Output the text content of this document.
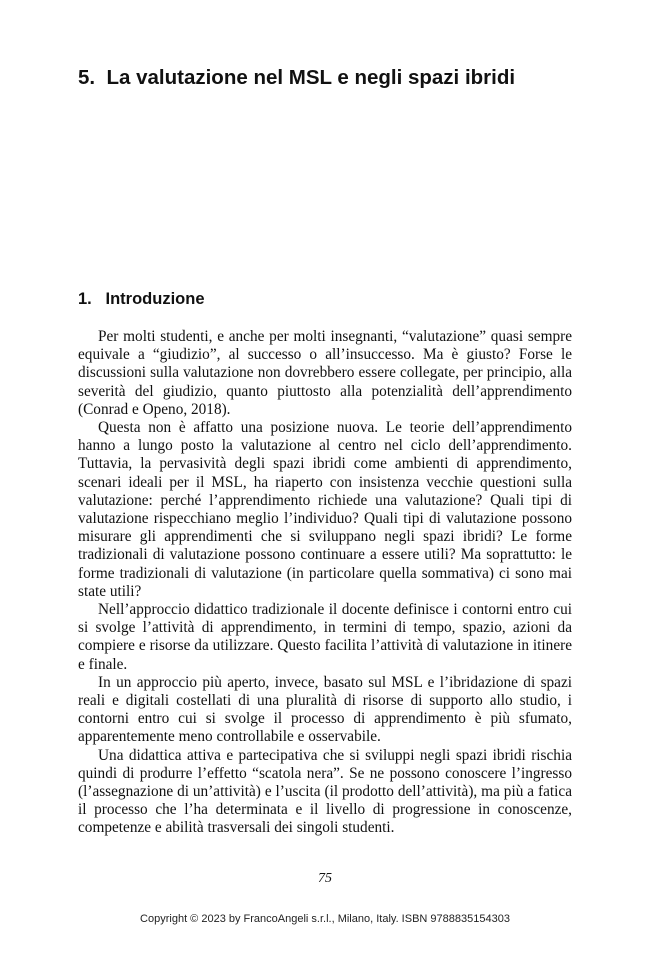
5.  La valutazione nel MSL e negli spazi ibridi
1.   Introduzione

Per molti studenti, e anche per molti insegnanti, “valutazione” quasi sempre equivale a “giudizio”, al successo o all’insuccesso. Ma è giusto? Forse le discussioni sulla valutazione non dovrebbero essere collegate, per principio, alla severità del giudizio, quanto piuttosto alla potenzialità dell’apprendimento (Conrad e Openo, 2018).

Questa non è affatto una posizione nuova. Le teorie dell’apprendimento hanno a lungo posto la valutazione al centro nel ciclo dell’apprendimento. Tuttavia, la pervasività degli spazi ibridi come ambienti di apprendimento, scenari ideali per il MSL, ha riaperto con insistenza vecchie questioni sulla valutazione: perché l’apprendimento richiede una valutazione? Quali tipi di valutazione rispecchiano meglio l’individuo? Quali tipi di valutazione possono misurare gli apprendimenti che si sviluppano negli spazi ibridi? Le forme tradizionali di valutazione possono continuare a essere utili? Ma soprattutto: le forme tradizionali di valutazione (in particolare quella sommativa) ci sono mai state utili?

Nell’approccio didattico tradizionale il docente definisce i contorni entro cui si svolge l’attività di apprendimento, in termini di tempo, spazio, azioni da compiere e risorse da utilizzare. Questo facilita l’attività di valutazione in itinere e finale.

In un approccio più aperto, invece, basato sul MSL e l’ibridazione di spazi reali e digitali costellati di una pluralità di risorse di supporto allo studio, i contorni entro cui si svolge il processo di apprendimento è più sfumato, apparentemente meno controllabile e osservabile.

Una didattica attiva e partecipativa che si sviluppi negli spazi ibridi rischia quindi di produrre l’effetto “scatola nera”. Se ne possono conoscere l’ingresso (l’assegnazione di un’attività) e l’uscita (il prodotto dell’attività), ma più a fatica il processo che l’ha determinata e il livello di progressione in conoscenze, competenze e abilità trasversali dei singoli studenti.

75
Copyright © 2023 by FrancoAngeli s.r.l., Milano, Italy. ISBN 9788835154303
